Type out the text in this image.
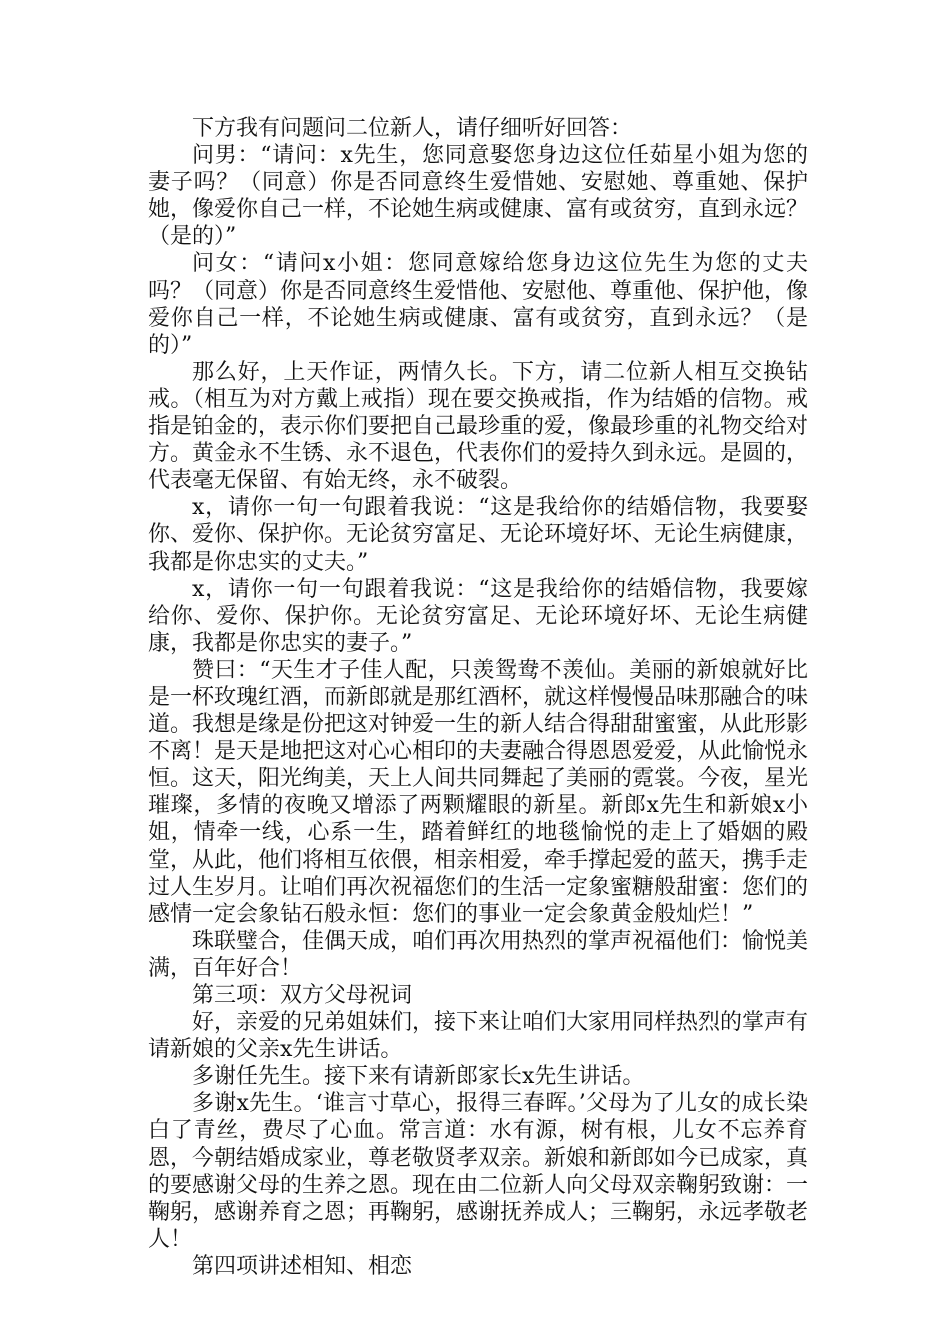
下方我有问题问二位新人，请仔细听好回答：

问男：“请问：x先生，您同意娶您身边这位任茹星小姐为您的妻子吗？（同意）你是否同意终生爱惜她、安慰她、尊重她、保护她，像爱你自己一样，不论她生病或健康、富有或贫穷，直到永远？（是的）”

问女：“请问x小姐：您同意嫁给您身边这位先生为您的丈夫吗？（同意）你是否同意终生爱惜他、安慰他、尊重他、保护他，像爱你自己一样，不论她生病或健康、富有或贫穷，直到永远？（是的）”

那么好，上天作证，两情久长。下方，请二位新人相互交换钻戒。（相互为对方戴上戒指）现在要交换戒指，作为结婚的信物。戒指是铂金的，表示你们要把自己最珍重的爱，像最珍重的礼物交给对方。黄金永不生锈、永不退色，代表你们的爱持久到永远。是圆的，代表毫无保留、有始无终，永不破裂。

x，请你一句一句跟着我说：“这是我给你的结婚信物，我要娶你、爱你、保护你。无论贫穷富足、无论环境好坏、无论生病健康，我都是你忠实的丈夫。”

x，请你一句一句跟着我说：“这是我给你的结婚信物，我要嫁给你、爱你、保护你。无论贫穷富足、无论环境好坏、无论生病健康，我都是你忠实的妻子。”

赞曰：“天生才子佳人配，只羡鸳鸯不羡仙。美丽的新娘就好比是一杯玫瑰红酒，而新郎就是那红酒杯，就这样慢慢品味那融合的味道。我想是缘是份把这对钟爱一生的新人结合得甜甜蜜蜜，从此形影不离！是天是地把这对心心相印的夫妻融合得恩恩爱爱，从此愉悦永恒。这天，阳光绚美，天上人间共同舞起了美丽的霓裳。今夜，星光璀璨，多情的夜晚又增添了两颗耀眼的新星。新郎x先生和新娘x小姐，情牵一线，心系一生，踏着鲜红的地毯愉悦的走上了婚姻的殿堂，从此，他们将相互依偎，相亲相爱，牵手撑起爱的蓝天，携手走过人生岁月。让咱们再次祝福您们的生活一定象蜜糖般甜蜜：您们的感情一定会象钻石般永恒：您们的事业一定会象黄金般灿烂！”

珠联璧合，佳偶天成，咱们再次用热烈的掌声祝福他们：愉悦美满，百年好合！

第三项：双方父母祝词

好，亲爱的兄弟姐妹们，接下来让咱们大家用同样热烈的掌声有请新娘的父亲x先生讲话。

多谢任先生。接下来有请新郎家长x先生讲话。

多谢x先生。‘谁言寸草心，报得三春晖。’父母为了儿女的成长染白了青丝，费尽了心血。常言道：水有源，树有根，儿女不忘养育恩，今朝结婚成家业，尊老敬贤孝双亲。新娘和新郎如今已成家，真的要感谢父母的生养之恩。现在由二位新人向父母双亲鞠躬致谢：一鞠躬，感谢养育之恩；再鞠躬，感谢抚养成人；三鞠躬，永远孝敬老人！

第四项讲述相知、相恋
